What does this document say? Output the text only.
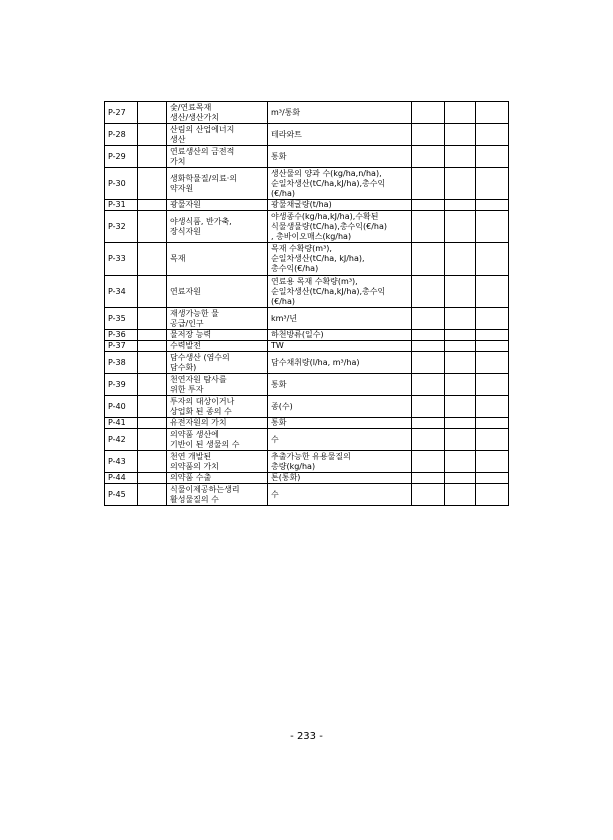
P-27		숯/연료목재
생산/생산가치	m³/통화			
P-28		산림의 산업에너지
생산	테라와트			
P-29		연료생산의 금전적
가치	통화			
P-30		생화학물질/의료·의
약자원	생산물의 양과 수(kg/ha,n/ha),
순일차생산(tC/ha,kJ/ha),총수익
(€/ha)			
P-31		광물자원	광물채굴량(t/ha)			
P-32		야생식품, 반가축,
장식자원	야생종수(kg/ha,kJ/ha),수확된
식물생물량(tC/ha),총수익(€/ha)
, 총바이오매스(kg/ha)			
P-33		목재	목재 수확량(m³),
순일차생산(tC/ha, kJ/ha),
총수익(€/ha)			
P-34		연료자원	연료용 목재 수확량(m³),
순일차생산(tC/ha,kJ/ha),총수익
(€/ha)			
P-35		재생가능한 물
공급/인구	km³/년			
P-36		물저장 능력	하천방류(일수)			
P-37		수력발전	TW			
P-38		담수생산 (염수의
담수화)	담수채취량(l/ha, m³/ha)			
P-39		천연자원 탐사를
위한 투자	통화			
P-40		투자의 대상이거나
상업화 된 종의 수	종(수)			
P-41		유전자원의 가치	통화			
P-42		의약품 생산에
기반이 된 생물의 수	수			
P-43		천연 개발된
의약품의 가치	추출가능한 유용물질의
총량(kg/ha)			
P-44		의약품 수출	톤(통화)			
P-45		식물이제공하는생리
활성물질의 수	수			
- 233 -
